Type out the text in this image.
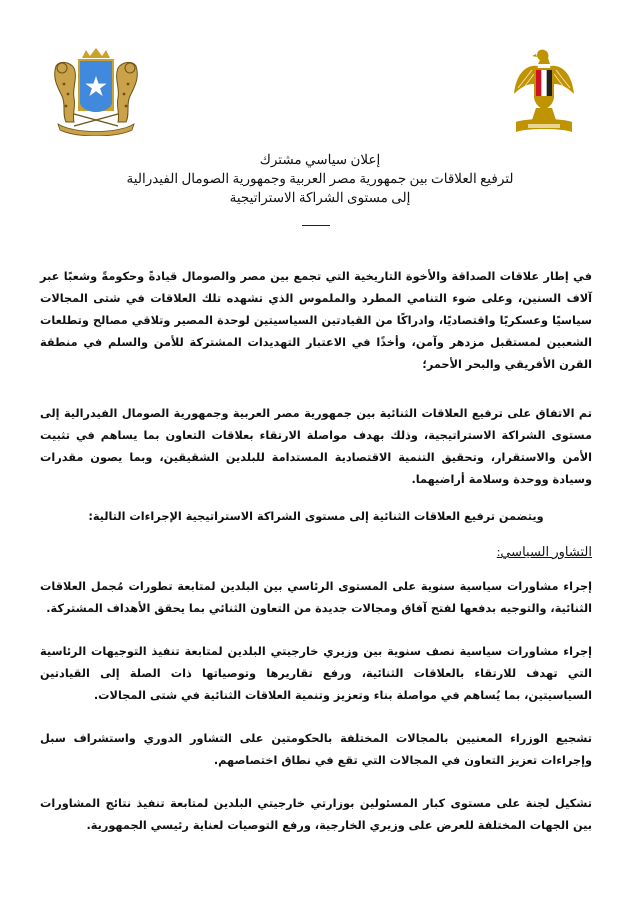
إعلان سياسي مشترك
لترفيع العلاقات بين جمهورية مصر العربية وجمهورية الصومال الفيدرالية
إلى مستوى الشراكة الاستراتيجية
في إطار علاقات الصداقة والأخوة التاريخية التي تجمع بين مصر والصومال قيادةً وحكومةً وشعبًا عبر آلاف السنين، وعلى ضوء التنامي المطرد والملموس الذي تشهده تلك العلاقات في شتى المجالات سياسيًا وعسكريًا واقتصاديًا، وادراكًا من القيادتين السياسيتين لوحدة المصير وتلاقي مصالح وتطلعات الشعبين لمستقبل مزدهر وآمن، وأخذًا في الاعتبار التهديدات المشتركة للأمن والسلم في منطقة القرن الأفريقي والبحر الأحمر؛
تم الاتفاق على ترفيع العلاقات الثنائية بين جمهورية مصر العربية وجمهورية الصومال الفيدرالية إلى مستوى الشراكة الاستراتيجية، وذلك بهدف مواصلة الارتقاء بعلاقات التعاون بما يساهم في تثبيت الأمن والاستقرار، وتحقيق التنمية الاقتصادية المستدامة للبلدين الشقيقين، وبما يصون مقدرات وسيادة ووحدة وسلامة أراضيهما.
ويتضمن ترفيع العلاقات الثنائية إلى مستوى الشراكة الاستراتيجية الإجراءات التالية:
التشاور السياسي:
إجراء مشاورات سياسية سنوية على المستوى الرئاسي بين البلدين لمتابعة تطورات مُجمل العلاقات الثنائية، والتوجيه بدفعها لفتح آفاق ومجالات جديدة من التعاون الثنائي بما يحقق الأهداف المشتركة.
إجراء مشاورات سياسية نصف سنوية بين وزيري خارجيتي البلدين لمتابعة تنفيذ التوجيهات الرئاسية التي تهدف للارتقاء بالعلاقات الثنائية، ورفع تقاريرها وتوصياتها ذات الصلة إلى القيادتين السياسيتين، بما يُساهم في مواصلة بناء وتعزيز وتنمية العلاقات الثنائية في شتى المجالات.
تشجيع الوزراء المعنيين بالمجالات المختلفة بالحكومتين على التشاور الدوري واستشراف سبل وإجراءات تعزيز التعاون في المجالات التي تقع في نطاق اختصاصهم.
تشكيل لجنة على مستوى كبار المسئولين بوزارتي خارجيتي البلدين لمتابعة تنفيذ نتائج المشاورات بين الجهات المختلفة للعرض على وزيري الخارجية، ورفع التوصيات لعناية رئيسي الجمهورية.
